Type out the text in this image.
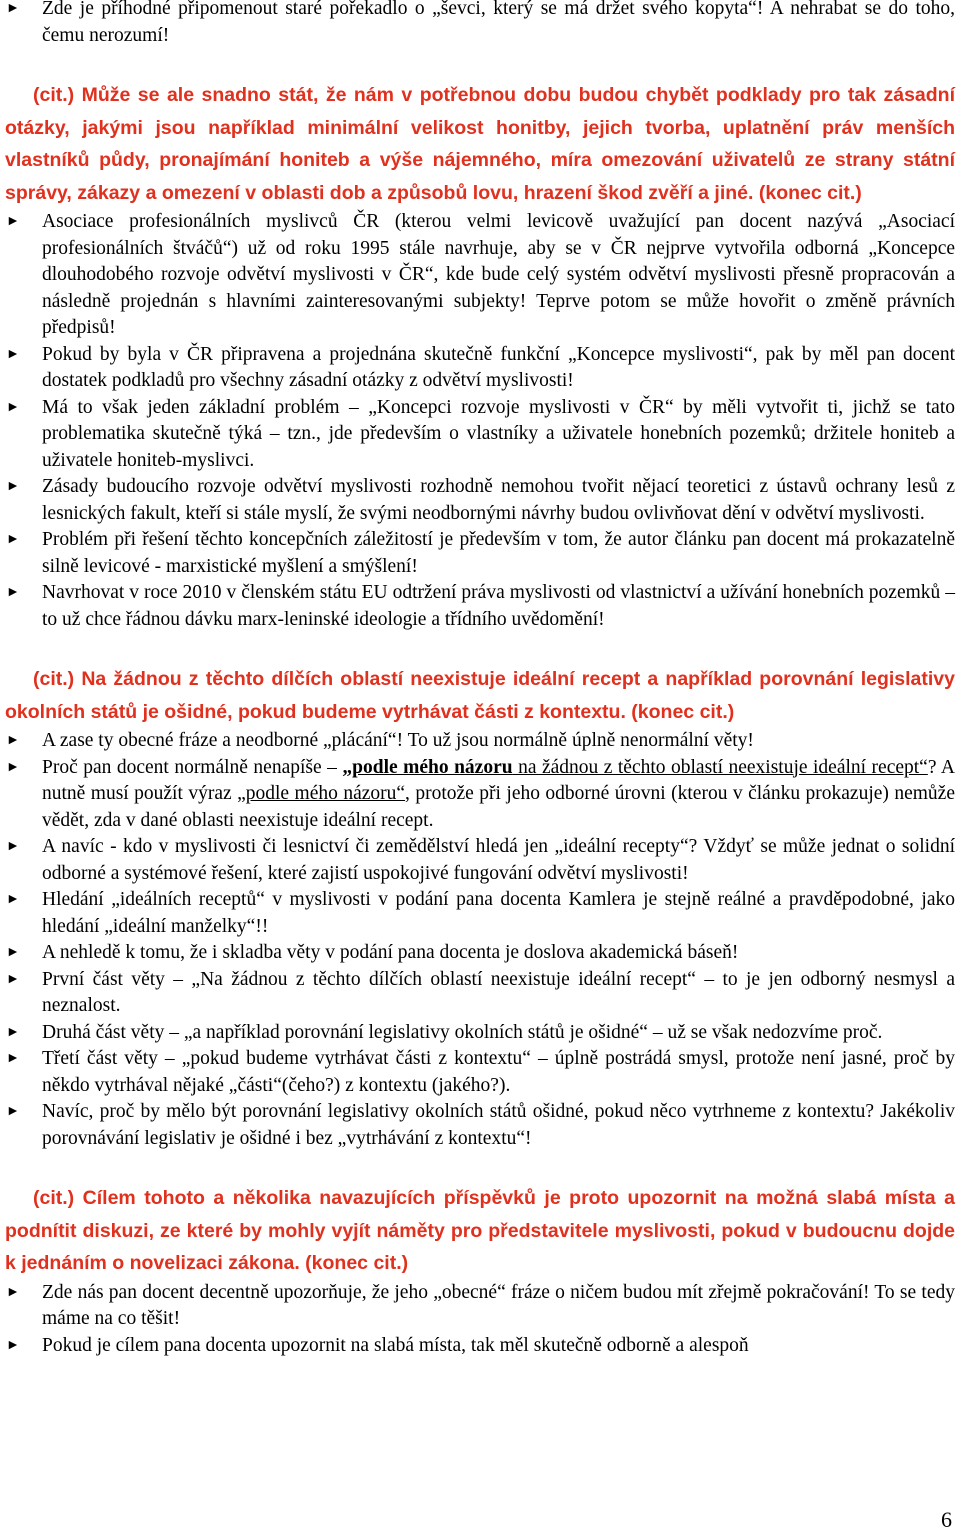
► Zde je příhodné připomenout staré pořekadlo o „ševci, který se má držet svého kopyta“! A nehrabat se do toho, čemu nerozumí!
(cit.) Může se ale snadno stát, že nám v potřebnou dobu budou chybět podklady pro tak zásadní otázky, jakými jsou například minimální velikost honitby, jejich tvorba, uplatnění práv menších vlastníků půdy, pronajímání honiteb a výše nájemného, míra omezování uživatelů ze strany státní správy, zákazy a omezení v oblasti dob a způsobů lovu, hrazení škod zvěří a jiné. (konec cit.)
► Asociace profesionálních myslivců ČR (kterou velmi levicově uvažující pan docent nazývá „Asociací profesionálních štváčů“) už od roku 1995 stále navrhuje, aby se v ČR nejprve vytvořila odborná „Koncepce dlouhodobého rozvoje odvětví myslivosti v ČR“, kde bude celý systém odvětví myslivosti přesně propracován a následně projednán s hlavními zainteresovanými subjekty! Teprve potom se může hovořit o změně právních předpisů!
► Pokud by byla v ČR připravena a projednána skutečně funkční „Koncepce myslivosti“, pak by měl pan docent dostatek podkladů pro všechny zásadní otázky z odvětví myslivosti!
► Má to však jeden základní problém – „Koncepci rozvoje myslivosti v ČR“ by měli vytvořit ti, jichž se tato problematika skutečně týká – tzn., jde především o vlastníky a uživatele honebních pozemků; držitele honiteb a uživatele honiteb-myslivci.
► Zásady budoucího rozvoje odvětví myslivosti rozhodně nemohou tvořit nějací teoretici z ústavů ochrany lesů z lesnických fakult, kteří si stále myslí, že svými neodbornými návrhy budou ovlivňovat dění v odvětví myslivosti.
► Problém při řešení těchto koncepčních záležitostí je především v tom, že autor článku pan docent má prokazatelně silně levicové - marxistické myšlení a smýšlení!
► Navrhovat v roce 2010 v členském státu EU odtržení práva myslivosti od vlastnictví a užívání honebních pozemků – to už chce řádnou dávku marx-leninské ideologie a třídního uvědomění!
(cit.) Na žádnou z těchto dílčích oblastí neexistuje ideální recept a například porovnání legislativy okolních států je ošidné, pokud budeme vytrhávat části z kontextu. (konec cit.)
► A zase ty obecné fráze a neodborné „plácání“! To už jsou normálně úplně nenormální věty!
► Proč pan docent normálně nenapíše – „podle mého názoru na žádnou z těchto oblastí neexistuje ideální recept“? A nutně musí použít výraz „podle mého názoru“, protože při jeho odborné úrovni (kterou v článku prokazuje) nemůže vědět, zda v dané oblasti neexistuje ideální recept.
► A navíc - kdo v myslivosti či lesnictví či zemědělství hledá jen „ideální recepty“? Vždyť se může jednat o solidní odborné a systémové řešení, které zajistí uspokojivé fungování odvětví myslivosti!
► Hledání „ideálních receptů“ v myslivosti v podání pana docenta Kamlera je stejně reálné a pravděpodobné, jako hledání „ideální manželky“!!
► A nehledě k tomu, že i skladba věty v podání pana docenta je doslova akademická báseň!
► První část věty – „Na žádnou z těchto dílčích oblastí neexistuje ideální recept“ – to je jen odborný nesmysl a neznalost.
► Druhá část věty – „a například porovnání legislativy okolních států je ošidné“ – už se však nedozvíme proč.
► Třetí část věty – „pokud budeme vytrhávat části z kontextu“ – úplně postrádá smysl, protože není jasné, proč by někdo vytrhával nějaké „části“(čeho?) z kontextu (jakého?).
► Navíc, proč by mělo být porovnání legislativy okolních států ošidné, pokud něco vytrhneme z kontextu? Jakékoliv porovnávání legislativ je ošidné i bez „vytrhávání z kontextu“!
(cit.) Cílem tohoto a několika navazujících příspěvků je proto upozornit na možná slabá místa a podnítit diskuzi, ze které by mohly vyjít náměty pro představitele myslivosti, pokud v budoucnu dojde k jednáním o novelizaci zákona. (konec cit.)
► Zde nás pan docent decentně upozorňuje, že jeho „obecné“ fráze o ničem budou mít zřejmě pokračování! To se tedy máme na co těšit!
► Pokud je cílem pana docenta upozornit na slabá místa, tak měl skutečně odborně a alespoň
6
